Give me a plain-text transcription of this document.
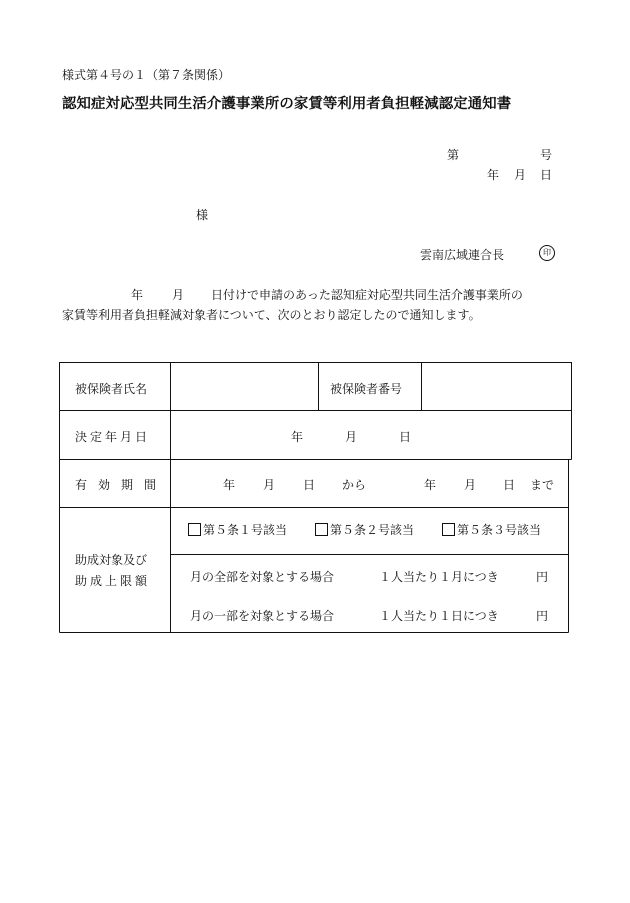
様式第４号の１（第７条関係）
認知症対応型共同生活介護事業所の家賃等利用者負担軽減認定通知書
第	号
年 月 日
様
雲南広域連合長	印
年 月 日付けで申請のあった認知症対応型共同生活介護事業所の
家賃等利用者負担軽減対象者について、次のとおり認定したので通知します。
被保険者氏名	被保険者番号
決定年月日	年	月	日
有効期間	年 月 日 から	年 月 日 まで
助成対象及び
助成上限額
第５条１号該当	第５条２号該当	第５条３号該当
月の全部を対象とする場合	１人当たり１月につき	円
月の一部を対象とする場合	１人当たり１日につき	円
